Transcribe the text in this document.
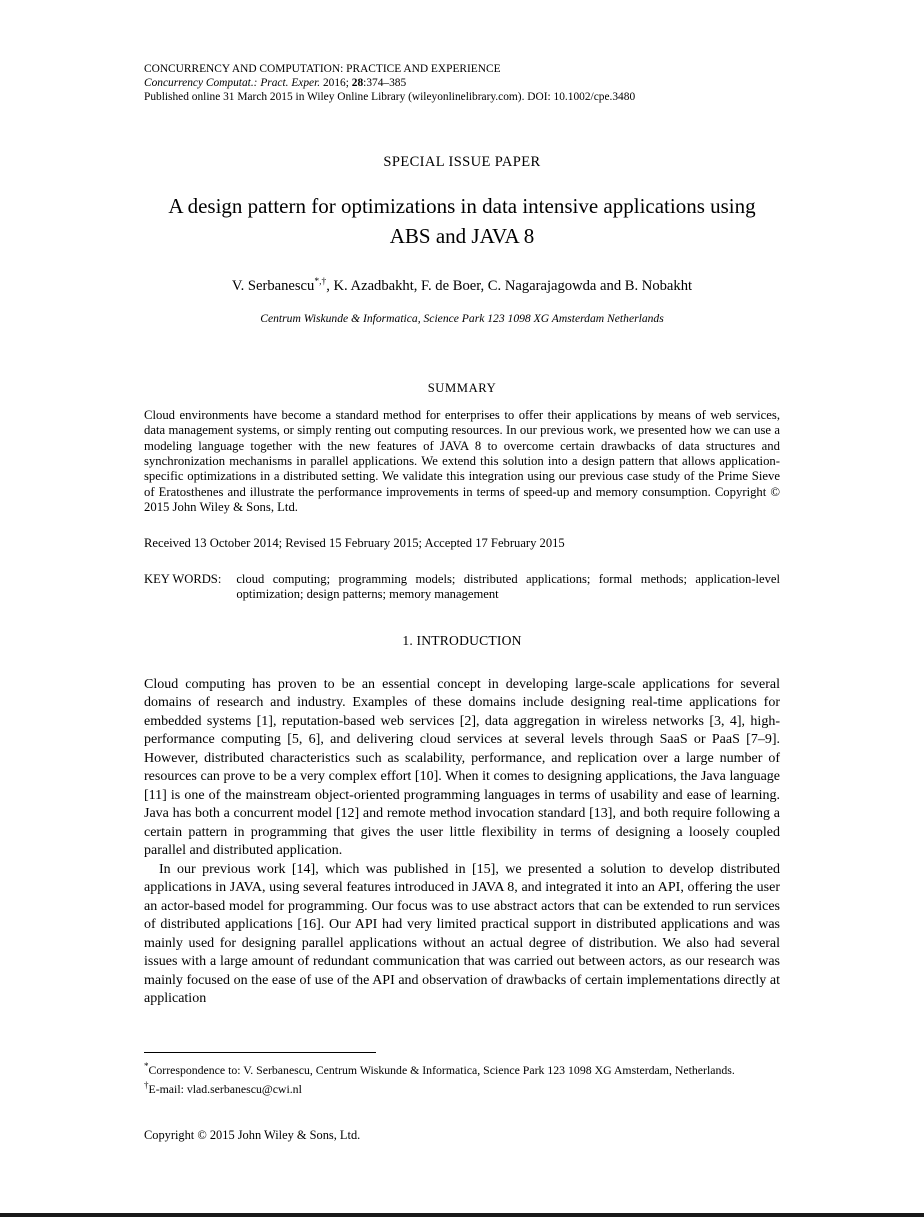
CONCURRENCY AND COMPUTATION: PRACTICE AND EXPERIENCE
Concurrency Computat.: Pract. Exper. 2016; 28:374–385
Published online 31 March 2015 in Wiley Online Library (wileyonlinelibrary.com). DOI: 10.1002/cpe.3480
SPECIAL ISSUE PAPER
A design pattern for optimizations in data intensive applications using ABS and JAVA 8
V. Serbanescu*,†, K. Azadbakht, F. de Boer, C. Nagarajagowda and B. Nobakht
Centrum Wiskunde & Informatica, Science Park 123 1098 XG Amsterdam Netherlands
SUMMARY

Cloud environments have become a standard method for enterprises to offer their applications by means of web services, data management systems, or simply renting out computing resources. In our previous work, we presented how we can use a modeling language together with the new features of JAVA 8 to overcome certain drawbacks of data structures and synchronization mechanisms in parallel applications. We extend this solution into a design pattern that allows application-specific optimizations in a distributed setting. We validate this integration using our previous case study of the Prime Sieve of Eratosthenes and illustrate the performance improvements in terms of speed-up and memory consumption. Copyright © 2015 John Wiley & Sons, Ltd.

Received 13 October 2014; Revised 15 February 2015; Accepted 17 February 2015
KEY WORDS: cloud computing; programming models; distributed applications; formal methods; application-level optimization; design patterns; memory management
1. INTRODUCTION

Cloud computing has proven to be an essential concept in developing large-scale applications for several domains of research and industry. Examples of these domains include designing real-time applications for embedded systems [1], reputation-based web services [2], data aggregation in wireless networks [3, 4], high-performance computing [5, 6], and delivering cloud services at several levels through SaaS or PaaS [7–9]. However, distributed characteristics such as scalability, performance, and replication over a large number of resources can prove to be a very complex effort [10]. When it comes to designing applications, the Java language [11] is one of the mainstream object-oriented programming languages in terms of usability and ease of learning. Java has both a concurrent model [12] and remote method invocation standard [13], and both require following a certain pattern in programming that gives the user little flexibility in terms of designing a loosely coupled parallel and distributed application.

In our previous work [14], which was published in [15], we presented a solution to develop distributed applications in JAVA, using several features introduced in JAVA 8, and integrated it into an API, offering the user an actor-based model for programming. Our focus was to use abstract actors that can be extended to run services of distributed applications [16]. Our API had very limited practical support in distributed applications and was mainly used for designing parallel applications without an actual degree of distribution. We also had several issues with a large amount of redundant communication that was carried out between actors, as our research was mainly focused on the ease of use of the API and observation of drawbacks of certain implementations directly at application

*Correspondence to: V. Serbanescu, Centrum Wiskunde & Informatica, Science Park 123 1098 XG Amsterdam, Netherlands.
†E-mail: vlad.serbanescu@cwi.nl
Copyright © 2015 John Wiley & Sons, Ltd.
